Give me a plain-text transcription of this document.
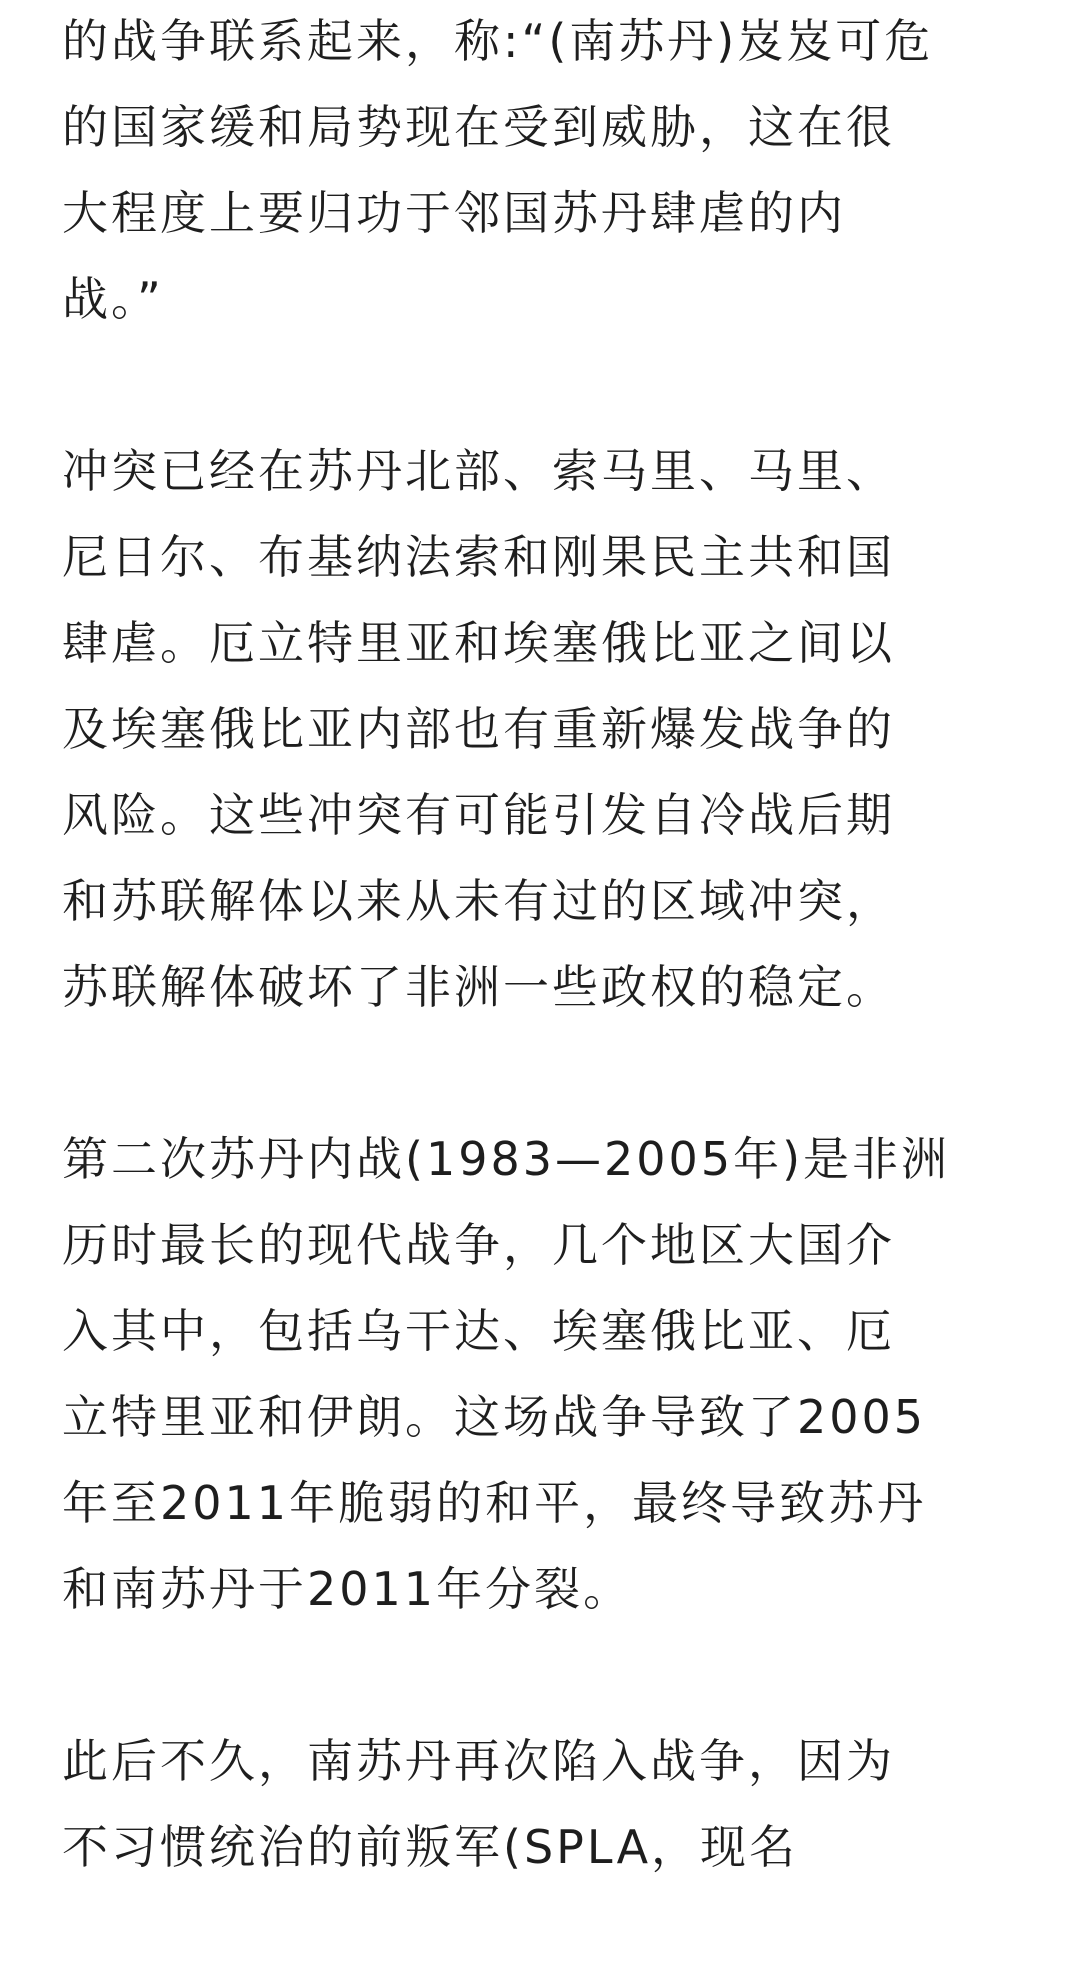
的战争联系起来，称:“(南苏丹)岌岌可危
的国家缓和局势现在受到威胁，这在很
大程度上要归功于邻国苏丹肆虐的内
战。”
冲突已经在苏丹北部、索马里、马里、
尼日尔、布基纳法索和刚果民主共和国
肆虐。厄立特里亚和埃塞俄比亚之间以
及埃塞俄比亚内部也有重新爆发战争的
风险。这些冲突有可能引发自冷战后期
和苏联解体以来从未有过的区域冲突，
苏联解体破坏了非洲一些政权的稳定。
第二次苏丹内战(1983—2005年)是非洲
历时最长的现代战争，几个地区大国介
入其中，包括乌干达、埃塞俄比亚、厄
立特里亚和伊朗。这场战争导致了2005
年至2011年脆弱的和平，最终导致苏丹
和南苏丹于2011年分裂。
此后不久，南苏丹再次陷入战争，因为
不习惯统治的前叛军(SPLA，现名
